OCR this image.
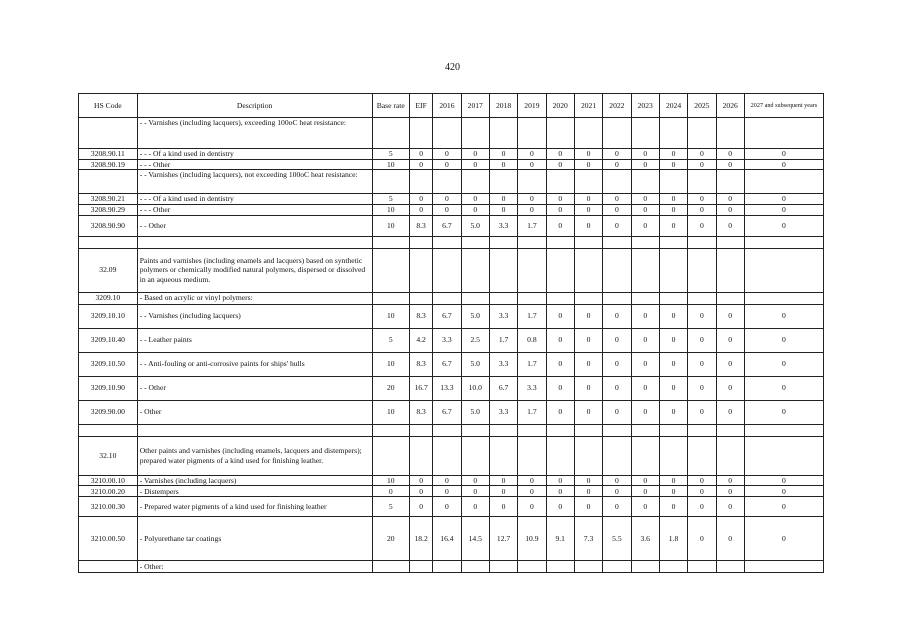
420
HS Code	Description	Base rate	EIF	2016	2017	2018	2019	2020	2021	2022	2023	2024	2025	2026	2027 and subsequent years
	- - Varnishes (including lacquers), exceeding 100oC heat resistance:														
3208.90.11	- - - Of a kind used in dentistry	5	0	0	0	0	0	0	0	0	0	0	0	0	0
3208.90.19	- - - Other	10	0	0	0	0	0	0	0	0	0	0	0	0	0
	- - Varnishes (including lacquers), not exceeding 100oC heat resistance:														
3208.90.21	- - - Of a kind used in dentistry	5	0	0	0	0	0	0	0	0	0	0	0	0	0
3208.90.29	- - - Other	10	0	0	0	0	0	0	0	0	0	0	0	0	0
3208.90.90	- - Other	10	8.3	6.7	5.0	3.3	1.7	0	0	0	0	0	0	0	0

32.09	Paints and varnishes (including enamels and lacquers) based on synthetic polymers or chemically modified natural polymers, dispersed or dissolved in an aqueous medium.														
3209.10	- Based on acrylic or vinyl polymers:														
3209.10.10	- - Varnishes (including lacquers)	10	8.3	6.7	5.0	3.3	1.7	0	0	0	0	0	0	0	0
3209.10.40	- - Leather paints	5	4.2	3.3	2.5	1.7	0.8	0	0	0	0	0	0	0	0
3209.10.50	- - Anti-fouling or anti-corrosive paints for ships' hulls	10	8.3	6.7	5.0	3.3	1.7	0	0	0	0	0	0	0	0
3209.10.90	- - Other	20	16.7	13.3	10.0	6.7	3.3	0	0	0	0	0	0	0	0
3209.90.00	- Other	10	8.3	6.7	5.0	3.3	1.7	0	0	0	0	0	0	0	0

32.10	Other paints and varnishes (including enamels, lacquers and distempers); prepared water pigments of a kind used for finishing leather.														
3210.00.10	- Varnishes (including lacquers)	10	0	0	0	0	0	0	0	0	0	0	0	0	0
3210.00.20	- Distempers	0	0	0	0	0	0	0	0	0	0	0	0	0	0
3210.00.30	- Prepared water pigments of a kind used for finishing leather	5	0	0	0	0	0	0	0	0	0	0	0	0	0
3210.00.50	- Polyurethane tar coatings	20	18.2	16.4	14.5	12.7	10.9	9.1	7.3	5.5	3.6	1.8	0	0	0
	- Other:														
